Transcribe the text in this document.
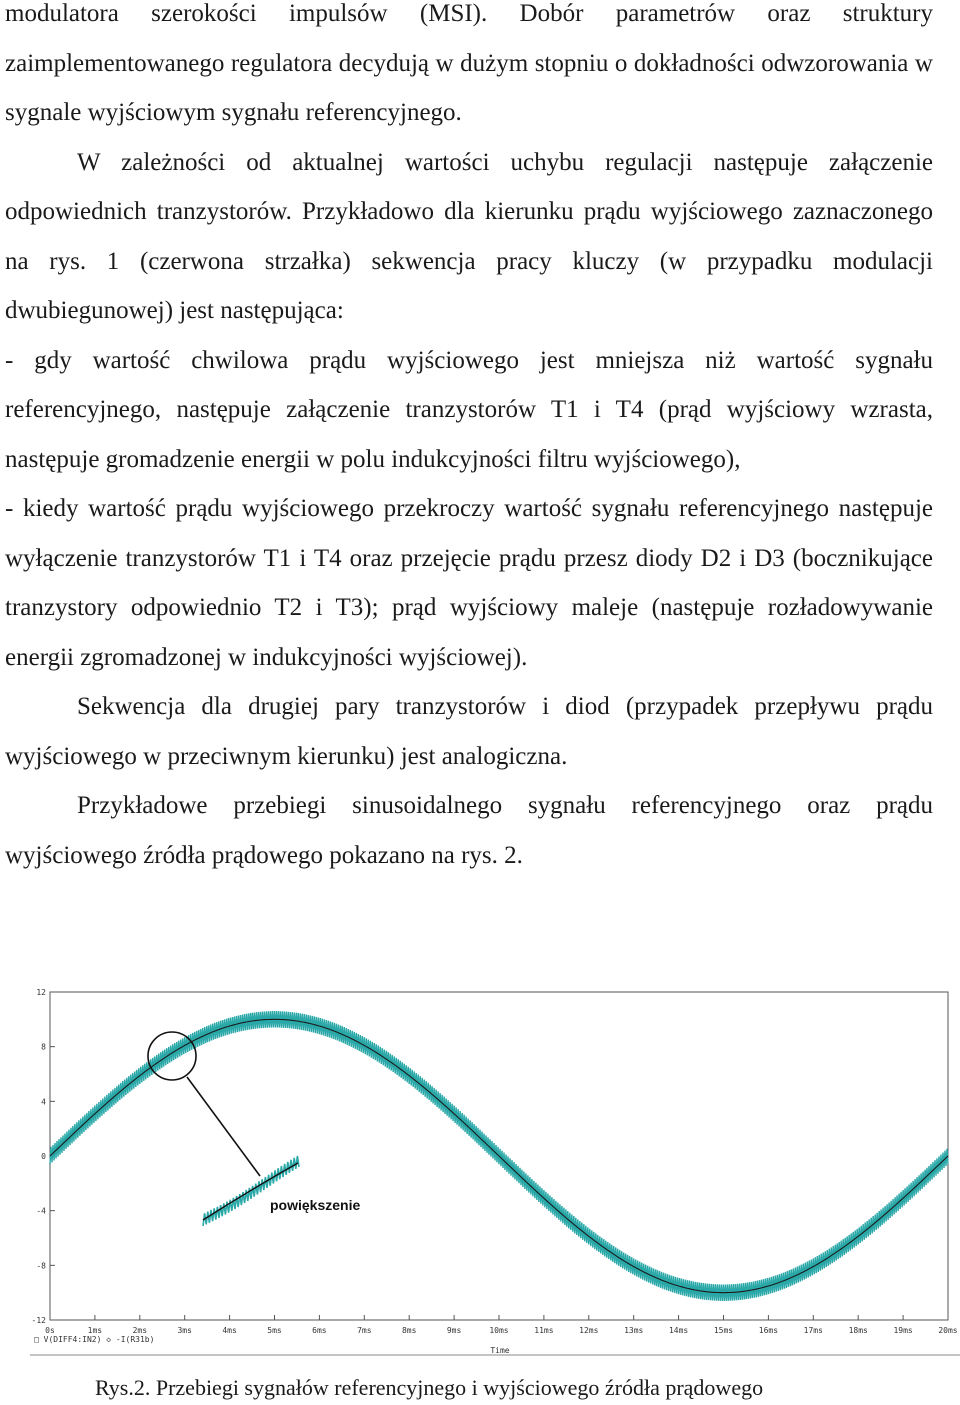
modulatora szerokości impulsów (MSI). Dobór parametrów oraz struktury zaimplementowanego regulatora decydują w dużym stopniu o dokładności odwzorowania w sygnale wyjściowym sygnału referencyjnego.

W zależności od aktualnej wartości uchybu regulacji następuje załączenie odpowiednich tranzystorów. Przykładowo dla kierunku prądu wyjściowego zaznaczonego na rys. 1 (czerwona strzałka) sekwencja pracy kluczy (w przypadku modulacji dwubiegunowej) jest następująca:

- gdy wartość chwilowa prądu wyjściowego jest mniejsza niż wartość sygnału referencyjnego, następuje załączenie tranzystorów T1 i T4 (prąd wyjściowy wzrasta, następuje gromadzenie energii w polu indukcyjności filtru wyjściowego),

- kiedy wartość prądu wyjściowego przekroczy wartość sygnału referencyjnego następuje wyłączenie tranzystorów T1 i T4 oraz przejęcie prądu przesz diody D2 i D3 (bocznikujące tranzystory odpowiednio T2 i T3); prąd wyjściowy maleje (następuje rozładowywanie energii zgromadzonej w indukcyjności wyjściowej).

Sekwencja dla drugiej pary tranzystorów i diod (przypadek przepływu prądu wyjściowego w przeciwnym kierunku) jest analogiczna.

Przykładowe przebiegi sinusoidalnego sygnału referencyjnego oraz prądu wyjściowego źródła prądowego pokazano na rys. 2.

12
8
4
0
-4
-8
-12
0s	1ms	2ms	3ms	4ms	5ms	6ms	7ms	8ms	9ms	10ms	11ms	12ms	13ms	14ms	15ms	16ms	17ms	18ms	19ms	20ms
Time
□ V(DIFF4:IN2) ◇ -I(R31b)
powiększenie
Rys.2. Przebiegi sygnałów referencyjnego i wyjściowego źródła prądowego
